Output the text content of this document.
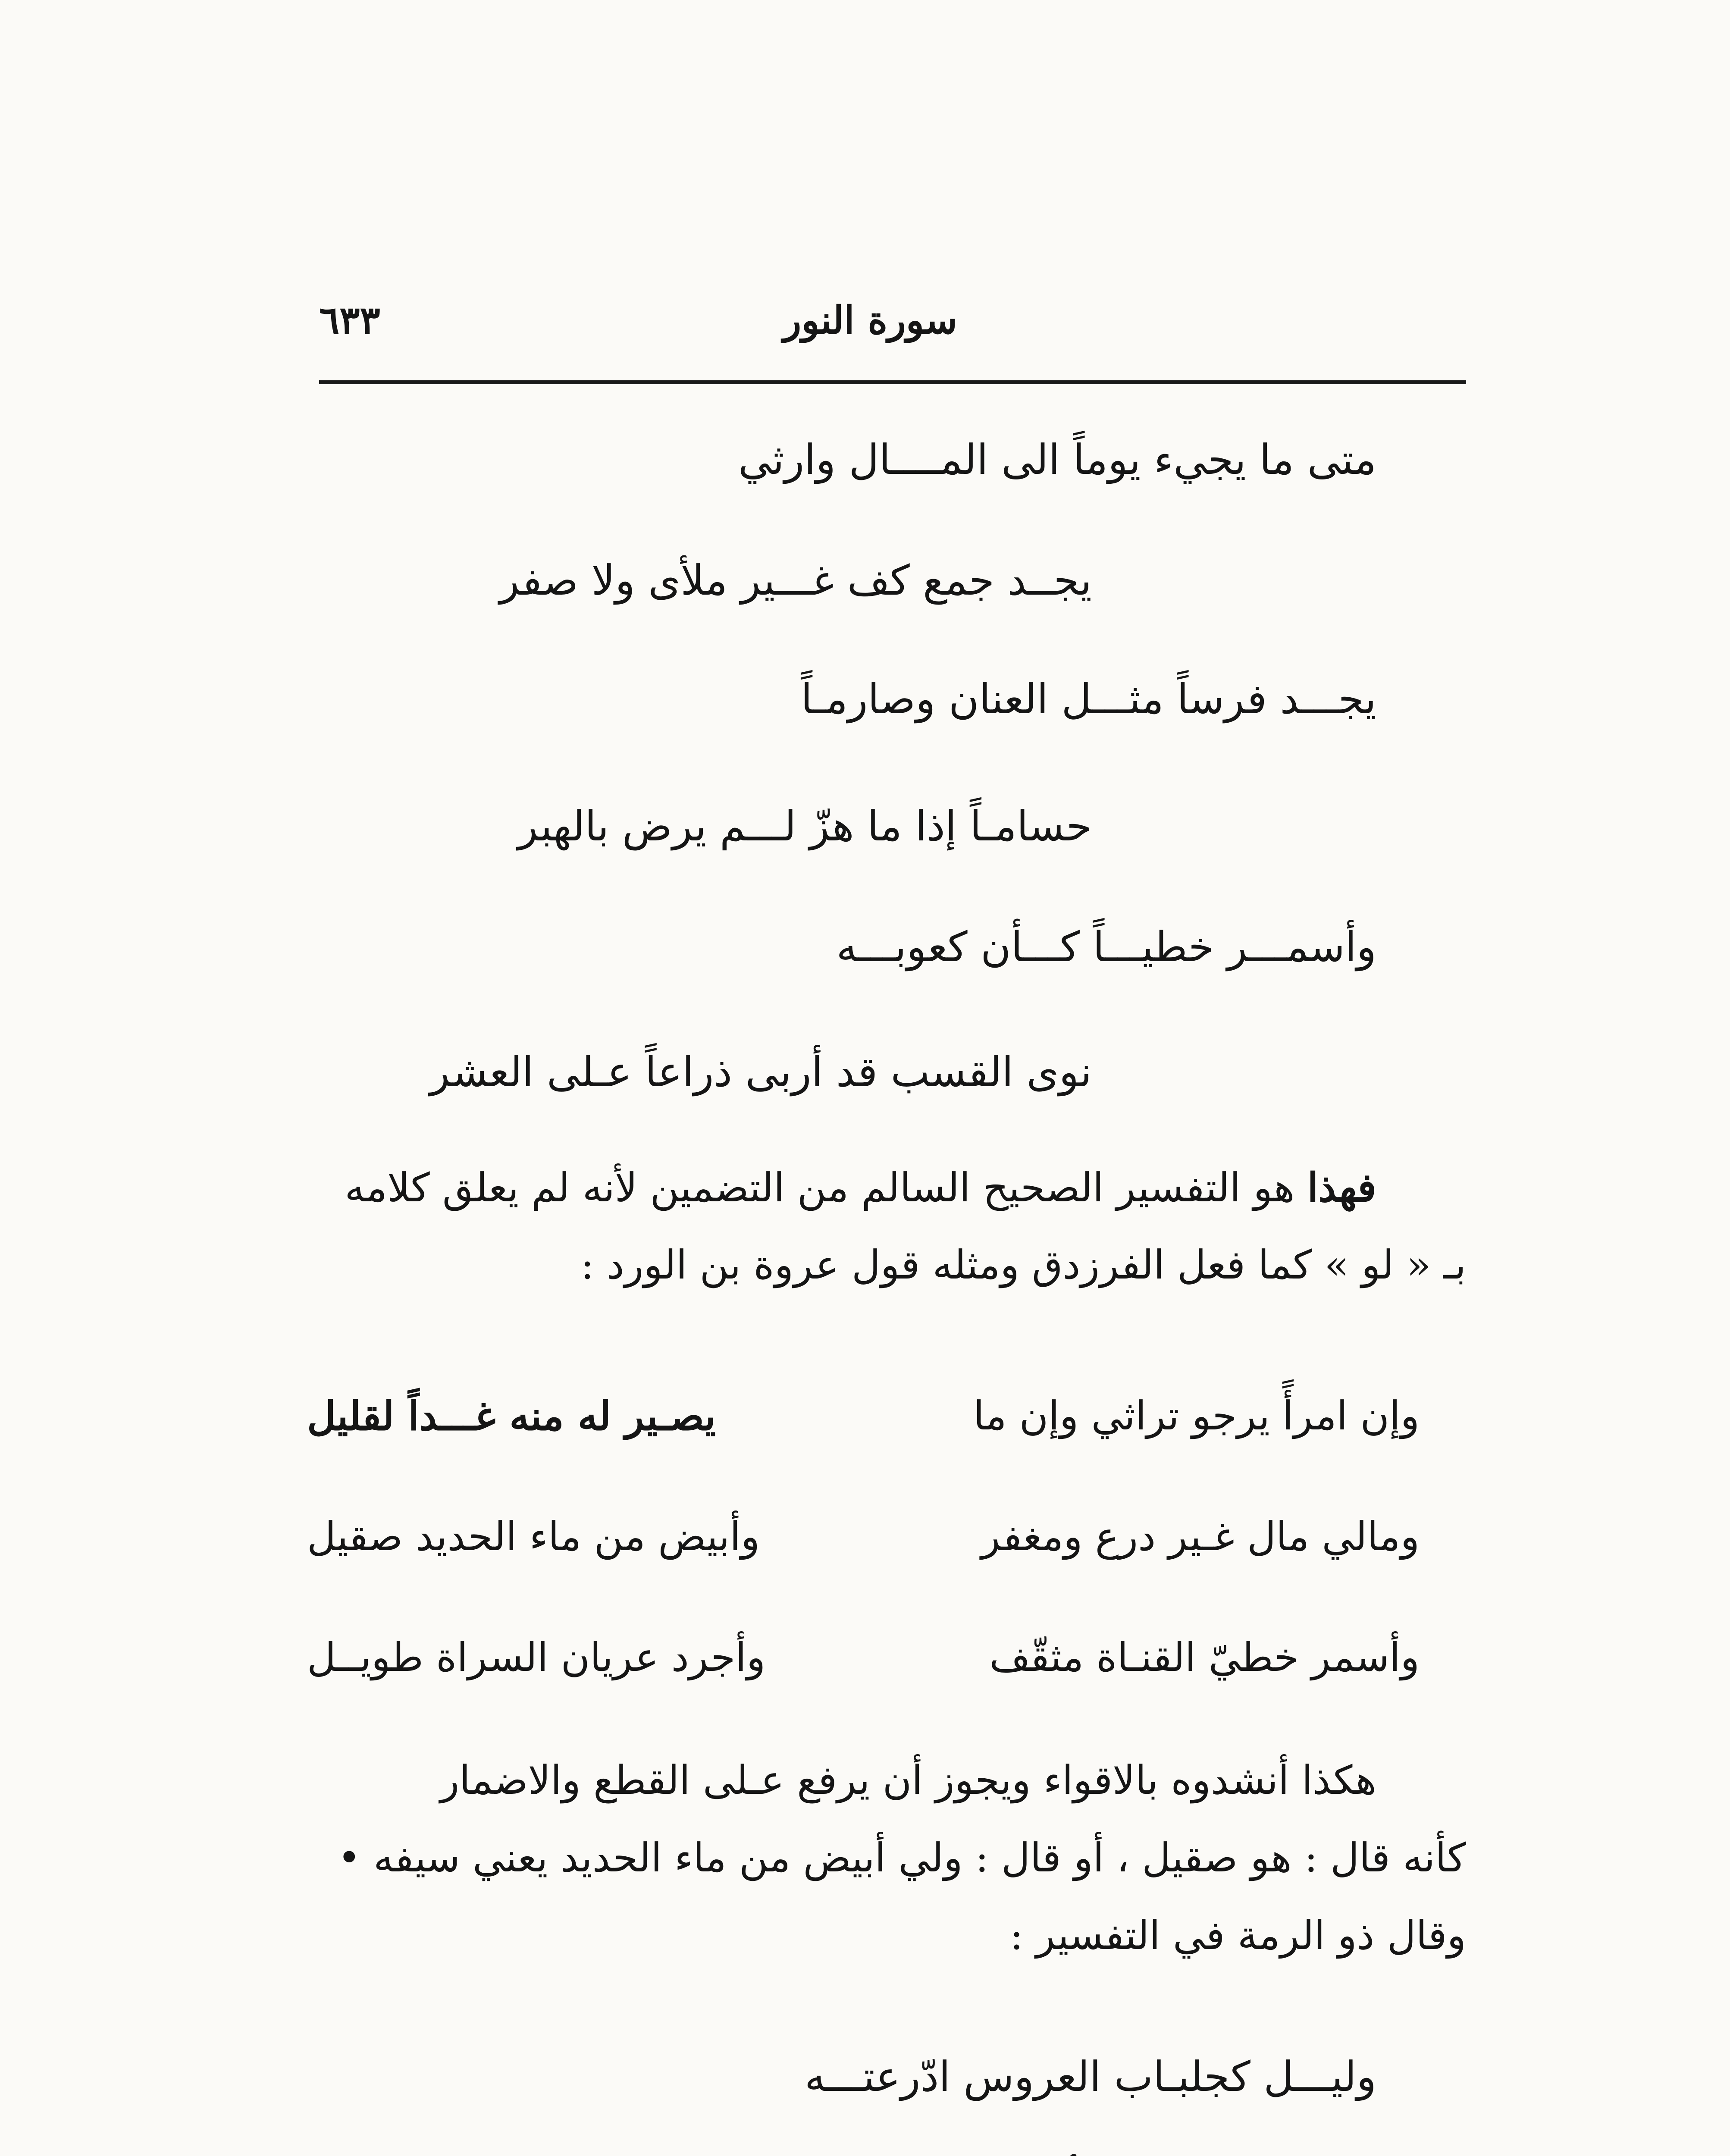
سورة النور
٦٣٣
متى ما يجيء يوماً الى المــــال وارثي
يجــد جمع كف غـــير ملأى ولا صفر
يجـــد فرساً مثـــل العنان وصارمـاً
حسامـاً إذا ما هزّ لـــم يرض بالهبر
وأسمـــر خطيـــاً كـــأن كعوبـــه
نوى القسب قد أربى ذراعاً عـلى العشر
فهذا هو التفسير الصحيح السالم من التضمين لأنه لم يعلق كلامه
بـ « لو » كما فعل الفرزدق ومثله قول عروة بن الورد :
وإن امرأً يرجو تراثي وإن ما
يصـير له منه غـــداً لقليل
ومالي مال غـير درع ومغفر
وأبيض من ماء الحديد صقيل
وأسمر خطيّ القنـاة مثقّف
وأجرد عريان السراة طويــل
هكذا أنشدوه بالاقواء ويجوز أن يرفع عـلى القطع والاضمار
كأنه قال : هو صقيل ، أو قال : ولي أبيض من ماء الحديد يعني سيفه •
وقال ذو الرمة في التفسير :
وليـــل كجلبـاب العروس ادّرعتـــه
